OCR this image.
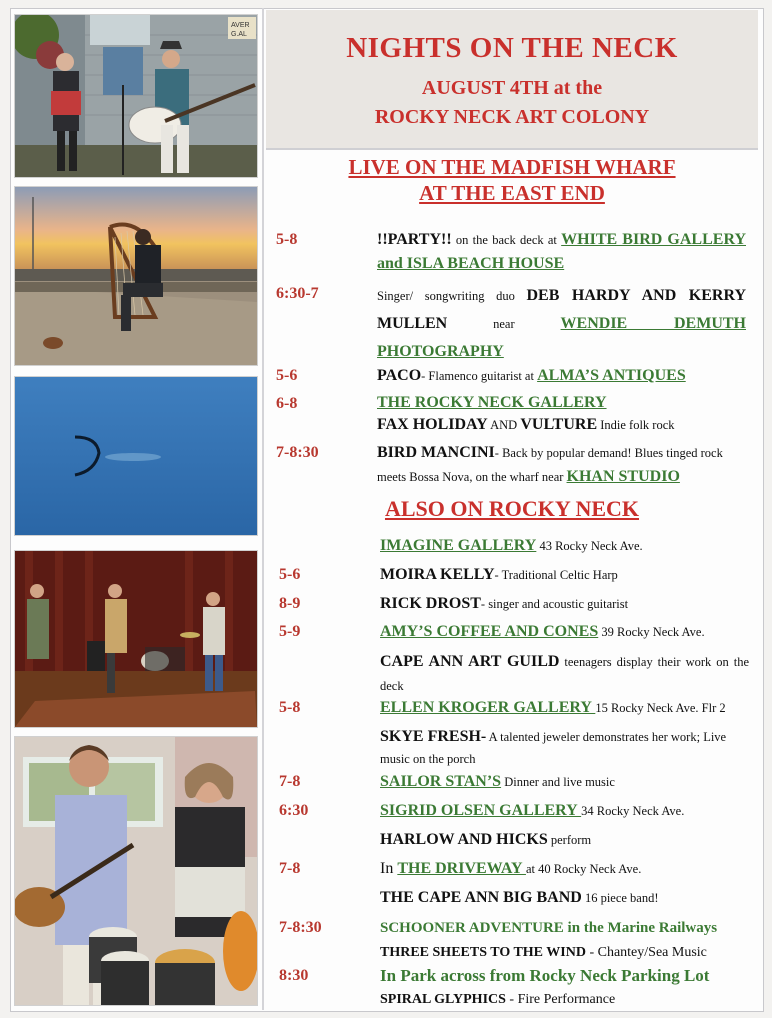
AVER
G.AL	NIGHTS ON THE NECK
AUGUST 4TH at the
ROCKY NECK ART COLONY
LIVE ON THE MADFISH WHARF
AT THE EAST END
5-8	!!PARTY!! on the back deck at WHITE BIRD GALLERY and ISLA BEACH HOUSE
6:30-7	Singer/ songwriting duo DEB HARDY AND KERRY MULLEN near WENDIE DEMUTH PHOTOGRAPHY
5-6	PACO- Flamenco guitarist at ALMA’S ANTIQUES
6-8	THE ROCKY NECK GALLERY
FAX HOLIDAY AND VULTURE Indie folk rock
7-8:30	BIRD MANCINI- Back by popular demand! Blues tinged rock meets Bossa Nova, on the wharf near KHAN STUDIO
ALSO ON ROCKY NECK
IMAGINE GALLERY 43 Rocky Neck Ave.
5-6	MOIRA KELLY- Traditional Celtic Harp
8-9	RICK DROST- singer and acoustic guitarist
5-9	AMY’S COFFEE AND CONES 39 Rocky Neck Ave.
CAPE ANN ART GUILD teenagers display their work on the deck
5-8	ELLEN KROGER GALLERY 15 Rocky Neck Ave. Flr 2
SKYE FRESH- A talented jeweler demonstrates her work; Live music on the porch
7-8	SAILOR STAN’S Dinner and live music
6:30	SIGRID OLSEN GALLERY 34 Rocky Neck Ave.
HARLOW AND HICKS perform
7-8	In THE DRIVEWAY at 40 Rocky Neck Ave.
THE CAPE ANN BIG BAND 16 piece band!
7-8:30	SCHOONER ADVENTURE in the Marine Railways
THREE SHEETS TO THE WIND - Chantey/Sea Music
8:30	In Park across from Rocky Neck Parking Lot
SPIRAL GLYPHICS - Fire Performance
